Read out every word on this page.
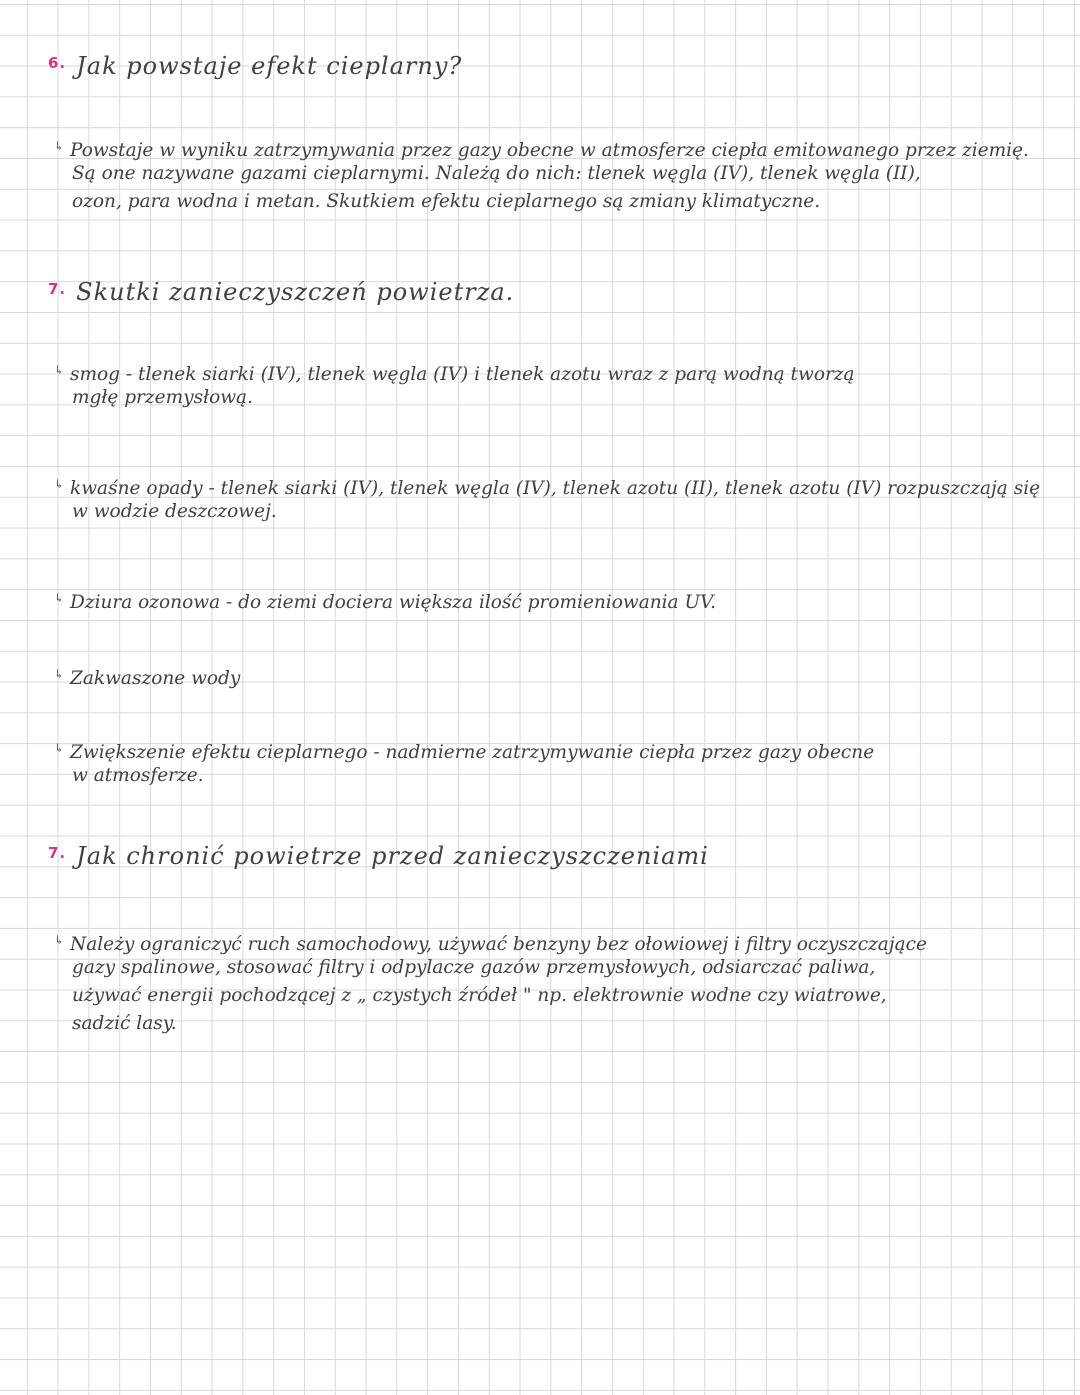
$^{6.}$ Jak powstaje efekt cieplarny?
↳ Powstaje w wyniku zatrzymywania przez gazy obecne w atmosferze ciepła emitowanego przez ziemię.
Są one nazywane gazami cieplarnymi. Należą do nich: tlenek węgla (IV), tlenek węgla (II),
ozon, para wodna i metan. Skutkiem efektu cieplarnego są zmiany klimatyczne.
$^{7.}$ Skutki zanieczyszczeń powietrza.
↳ smog - tlenek siarki (IV), tlenek węgla (IV) i tlenek azotu wraz z parą wodną tworzą
mgłę przemysłową.
↳ kwaśne opady - tlenek siarki (IV), tlenek węgla (IV), tlenek azotu (II), tlenek azotu (IV) rozpuszczają się
w wodzie deszczowej.
↳ Dziura ozonowa - do ziemi dociera większa ilość promieniowania UV.
↳ Zakwaszone wody
↳ Zwiększenie efektu cieplarnego - nadmierne zatrzymywanie ciepła przez gazy obecne
w atmosferze.
$^{7.}$ Jak chronić powietrze przed zanieczyszczeniami
↳ Należy ograniczyć ruch samochodowy, używać benzyny bez ołowiowej i filtry oczyszczające
gazy spalinowe, stosować filtry i odpylacze gazów przemysłowych, odsiarczać paliwa,
używać energii pochodzącej z „ czystych źródeł " np. elektrownie wodne czy wiatrowe,
sadzić lasy.
